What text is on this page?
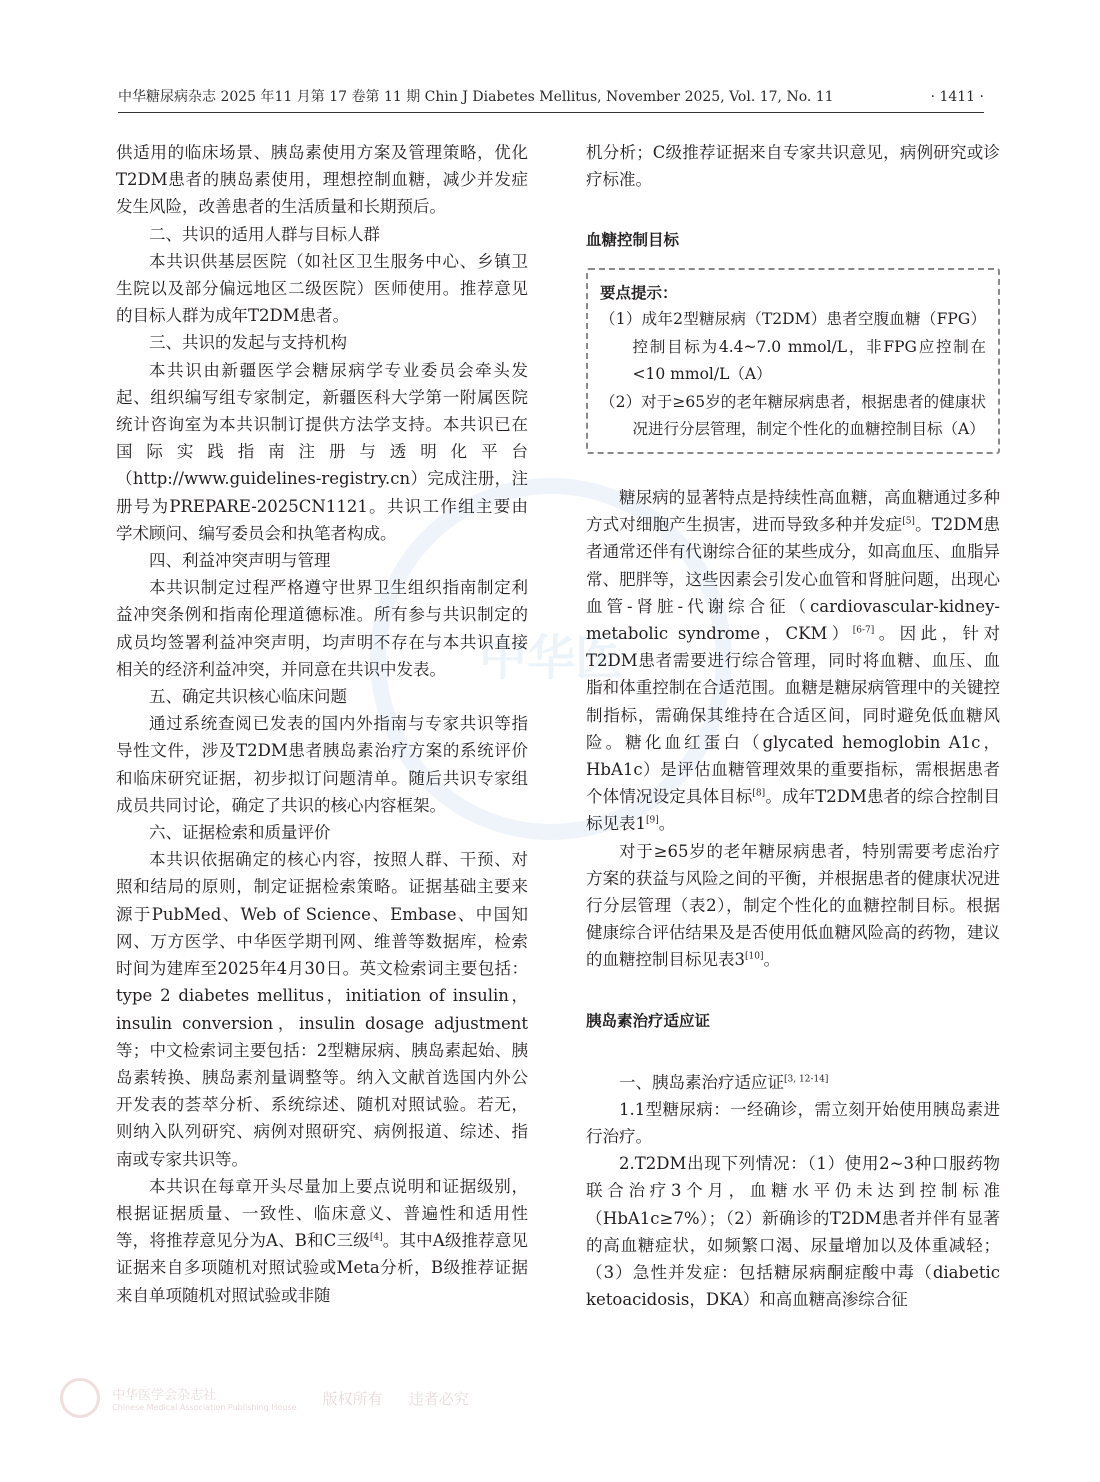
中华糖尿病杂志 2025 年11 月第 17 卷第 11 期 Chin J Diabetes Mellitus, November 2025, Vol. 17, No. 11	· 1411 ·
中华医

供适用的临床场景、胰岛素使用方案及管理策略，优化T2DM患者的胰岛素使用，理想控制血糖，减少并发症发生风险，改善患者的生活质量和长期预后。

二、共识的适用人群与目标人群

本共识供基层医院（如社区卫生服务中心、乡镇卫生院以及部分偏远地区二级医院）医师使用。推荐意见的目标人群为成年T2DM患者。

三、共识的发起与支持机构

本共识由新疆医学会糖尿病学专业委员会牵头发起、组织编写组专家制定，新疆医科大学第一附属医院统计咨询室为本共识制订提供方法学支持。本共识已在国际实践指南注册与透明化平台（http://www.guidelines-registry.cn）完成注册，注册号为PREPARE-2025CN1121。共识工作组主要由学术顾问、编写委员会和执笔者构成。

四、利益冲突声明与管理

本共识制定过程严格遵守世界卫生组织指南制定利益冲突条例和指南伦理道德标准。所有参与共识制定的成员均签署利益冲突声明，均声明不存在与本共识直接相关的经济利益冲突，并同意在共识中发表。

五、确定共识核心临床问题

通过系统查阅已发表的国内外指南与专家共识等指导性文件，涉及T2DM患者胰岛素治疗方案的系统评价和临床研究证据，初步拟订问题清单。随后共识专家组成员共同讨论，确定了共识的核心内容框架。

六、证据检索和质量评价

本共识依据确定的核心内容，按照人群、干预、对照和结局的原则，制定证据检索策略。证据基础主要来源于PubMed、Web of Science、Embase、中国知网、万方医学、中华医学期刊网、维普等数据库，检索时间为建库至2025年4月30日。英文检索词主要包括：type 2 diabetes mellitus，initiation of insulin，insulin conversion，insulin dosage adjustment等；中文检索词主要包括：2型糖尿病、胰岛素起始、胰岛素转换、胰岛素剂量调整等。纳入文献首选国内外公开发表的荟萃分析、系统综述、随机对照试验。若无，则纳入队列研究、病例对照研究、病例报道、综述、指南或专家共识等。

本共识在每章开头尽量加上要点说明和证据级别，根据证据质量、一致性、临床意义、普遍性和适用性等，将推荐意见分为A、B和C三级[4]。其中A级推荐意见证据来自多项随机对照试验或Meta分析，B级推荐证据来自单项随机对照试验或非随

机分析；C级推荐证据来自专家共识意见，病例研究或诊疗标准。

血糖控制目标

要点提示：

（1）成年2型糖尿病（T2DM）患者空腹血糖（FPG）控制目标为4.4~7.0 mmol/L，非FPG应控制在<10 mmol/L（A）

（2）对于≥65岁的老年糖尿病患者，根据患者的健康状况进行分层管理，制定个性化的血糖控制目标（A）

糖尿病的显著特点是持续性高血糖，高血糖通过多种方式对细胞产生损害，进而导致多种并发症[5]。T2DM患者通常还伴有代谢综合征的某些成分，如高血压、血脂异常、肥胖等，这些因素会引发心血管和肾脏问题，出现心血管-肾脏-代谢综合征（cardiovascular-kidney-metabolic syndrome，CKM）[6-7]。因此，针对T2DM患者需要进行综合管理，同时将血糖、血压、血脂和体重控制在合适范围。血糖是糖尿病管理中的关键控制指标，需确保其维持在合适区间，同时避免低血糖风险。糖化血红蛋白（glycated hemoglobin A1c，HbA1c）是评估血糖管理效果的重要指标，需根据患者个体情况设定具体目标[8]。成年T2DM患者的综合控制目标见表1[9]。

对于≥65岁的老年糖尿病患者，特别需要考虑治疗方案的获益与风险之间的平衡，并根据患者的健康状况进行分层管理（表2），制定个性化的血糖控制目标。根据健康综合评估结果及是否使用低血糖风险高的药物，建议的血糖控制目标见表3[10]。

胰岛素治疗适应证

一、胰岛素治疗适应证[3, 12-14]

1.1型糖尿病：一经确诊，需立刻开始使用胰岛素进行治疗。

2.T2DM出现下列情况：（1）使用2~3种口服药物联合治疗3个月，血糖水平仍未达到控制标准（HbA1c≥7%）；（2）新确诊的T2DM患者并伴有显著的高血糖症状，如频繁口渴、尿量增加以及体重减轻；（3）急性并发症：包括糖尿病酮症酸中毒（diabetic ketoacidosis，DKA）和高血糖高渗综合征

中华医学会杂志社
Chinese Medical Association Publishing House 版权所有 违者必究
